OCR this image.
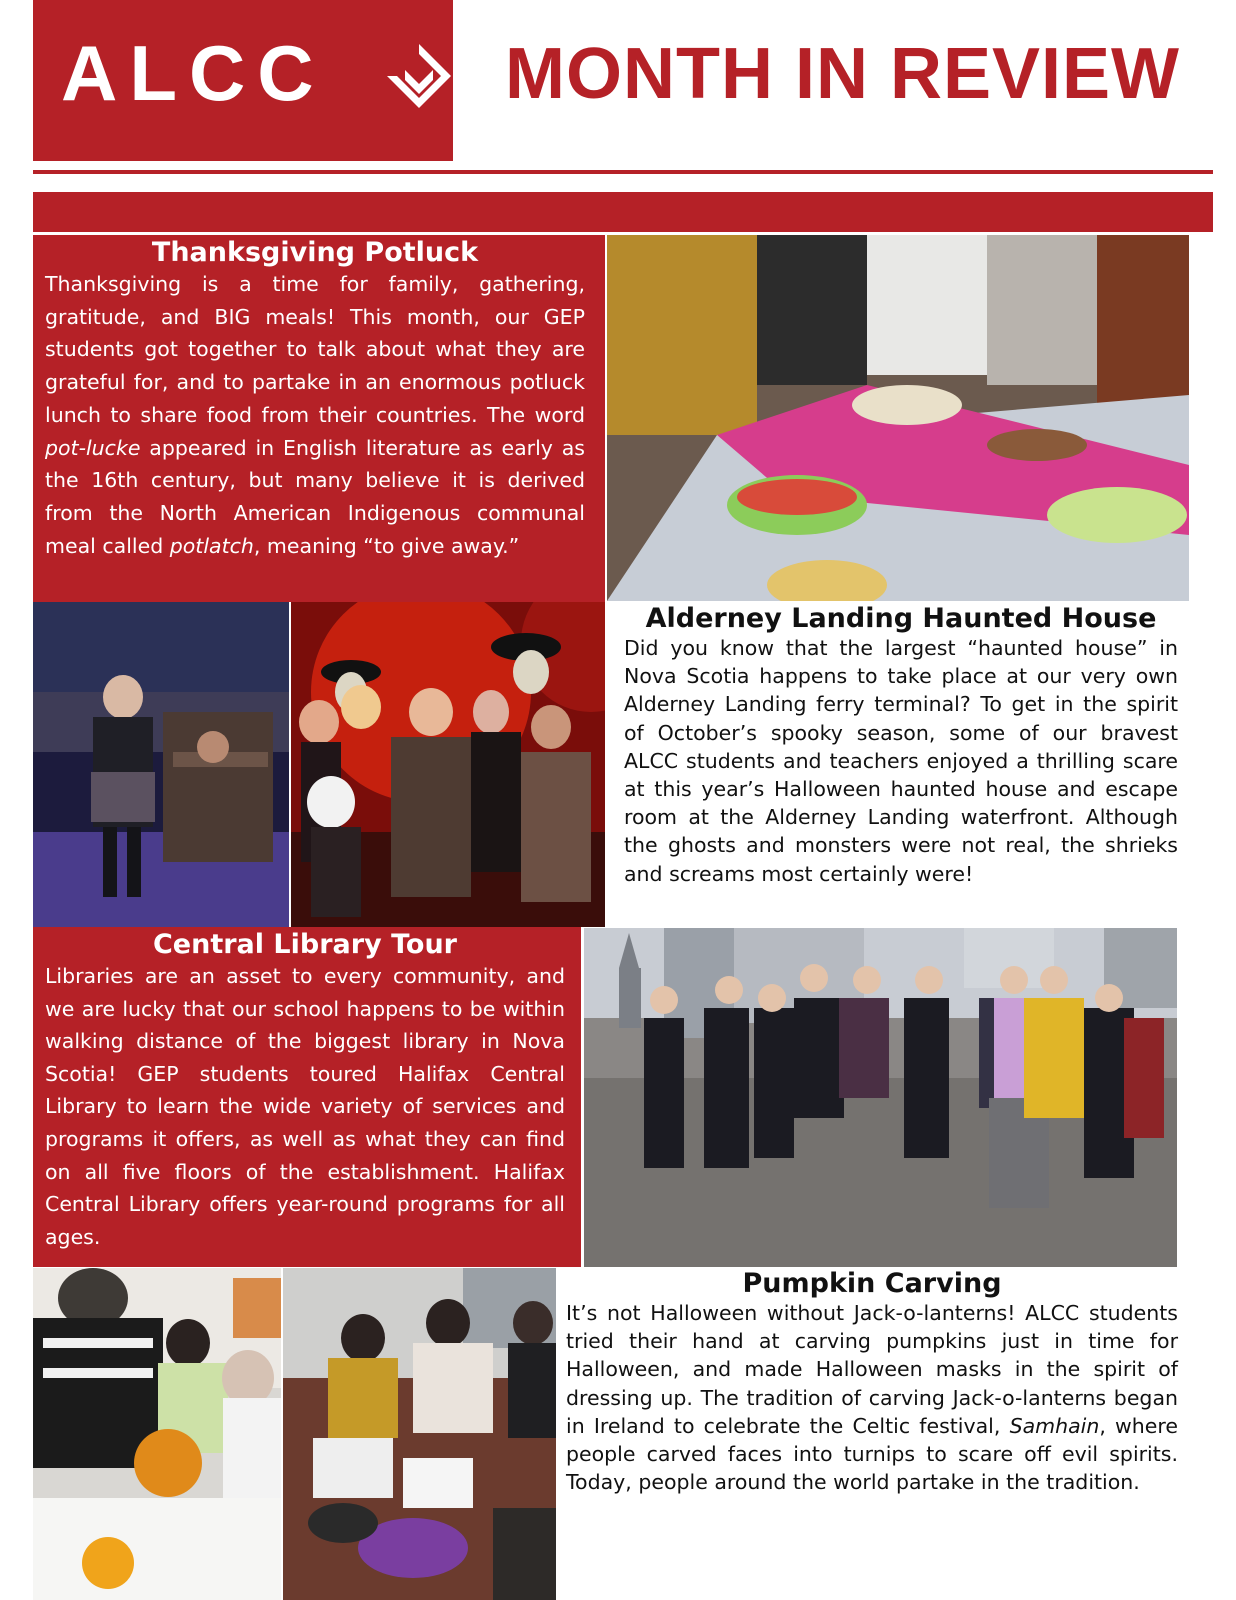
ALCC MONTH IN REVIEW
Thanksgiving Potluck

Thanksgiving is a time for family, gathering, gratitude, and BIG meals! This month, our GEP students got together to talk about what they are grateful for, and to partake in an enormous potluck lunch to share food from their countries. The word pot-lucke appeared in English literature as early as the 16th century, but many believe it is derived from the North American Indigenous communal meal called potlatch, meaning “to give away.”

Alderney Landing Haunted House

Did you know that the largest “haunted house” in Nova Scotia happens to take place at our very own Alderney Landing ferry terminal? To get in the spirit of October’s spooky season, some of our bravest ALCC students and teachers enjoyed a thrilling scare at this year’s Halloween haunted house and escape room at the Alderney Landing waterfront. Although the ghosts and monsters were not real, the shrieks and screams most certainly were!

Central Library Tour

Libraries are an asset to every community, and we are lucky that our school happens to be within walking distance of the biggest library in Nova Scotia! GEP students toured Halifax Central Library to learn the wide variety of services and programs it offers, as well as what they can find on all five floors of the establishment. Halifax Central Library offers year-round programs for all ages.

Pumpkin Carving

It’s not Halloween without Jack-o-lanterns! ALCC students tried their hand at carving pumpkins just in time for Halloween, and made Halloween masks in the spirit of dressing up. The tradition of carving Jack-o-lanterns began in Ireland to celebrate the Celtic festival, Samhain, where people carved faces into turnips to scare off evil spirits. Today, people around the world partake in the tradition.
